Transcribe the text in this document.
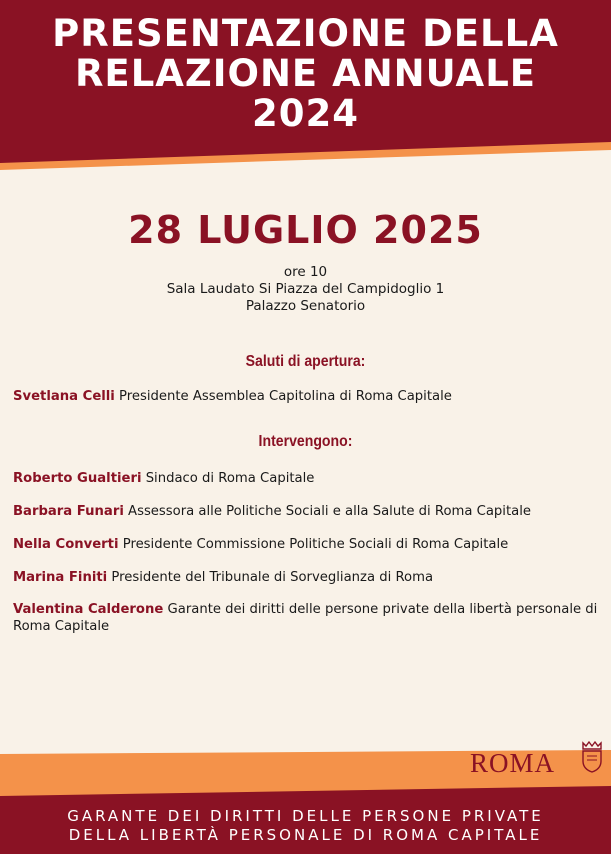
PRESENTAZIONE DELLA
RELAZIONE ANNUALE
2024
28 LUGLIO 2025
ore 10
Sala Laudato Si Piazza del Campidoglio 1
Palazzo Senatorio
Saluti di apertura:
Svetlana Celli Presidente Assemblea Capitolina di Roma Capitale
Intervengono:
Roberto Gualtieri Sindaco di Roma Capitale
Barbara Funari Assessora alle Politiche Sociali e alla Salute di Roma Capitale
Nella Converti Presidente Commissione Politiche Sociali di Roma Capitale
Marina Finiti Presidente del Tribunale di Sorveglianza di Roma
Valentina Calderone Garante dei diritti delle persone private della libertà personale di Roma Capitale
ROMA
GARANTE DEI DIRITTI DELLE PERSONE PRIVATE
DELLA LIBERTÀ PERSONALE DI ROMA CAPITALE
